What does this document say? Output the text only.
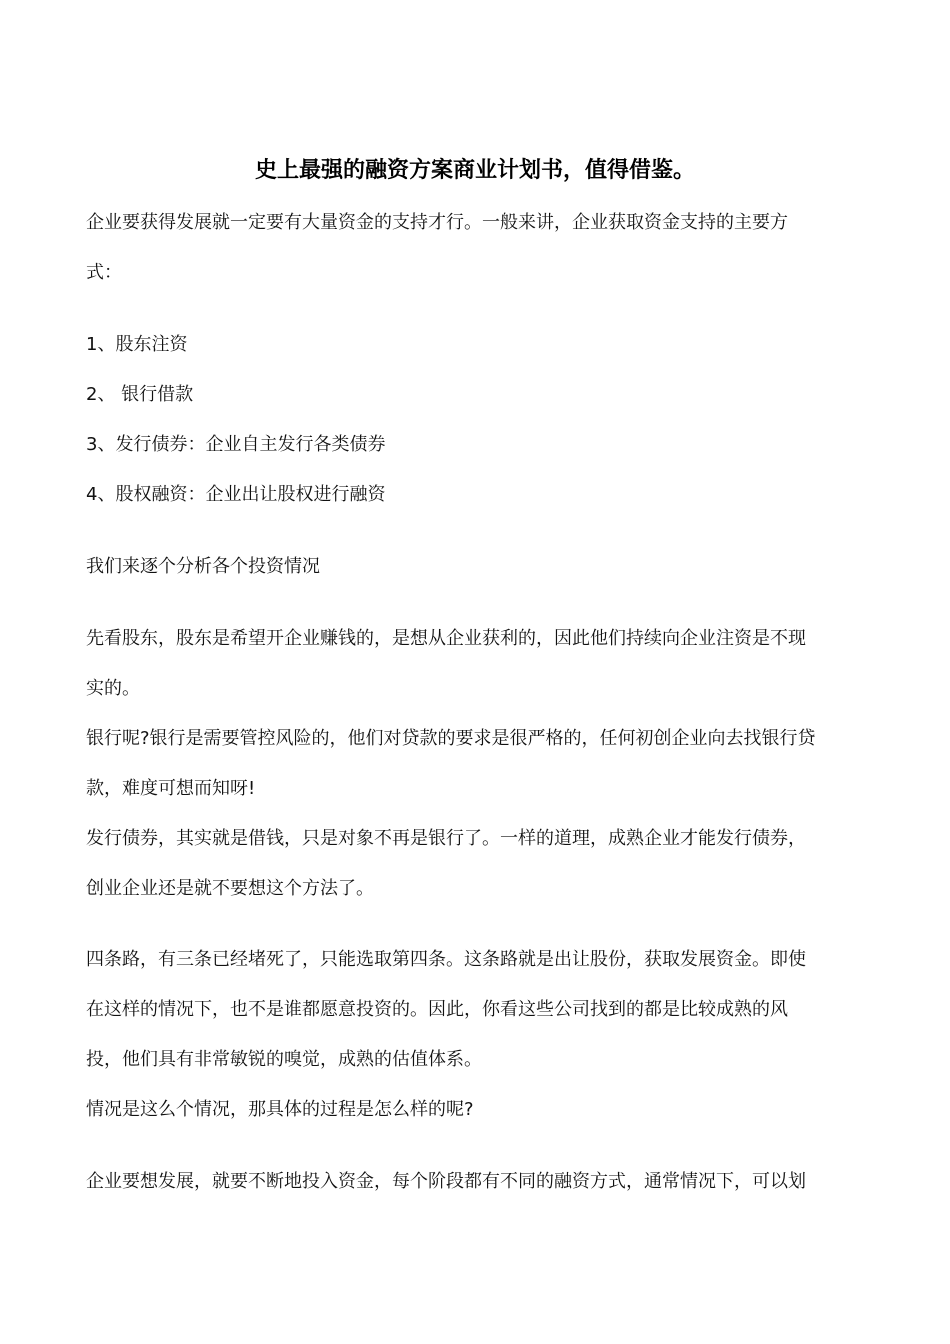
史上最强的融资方案商业计划书，值得借鉴。
企业要获得发展就一定要有大量资金的支持才行。一般来讲，企业获取资金支持的主要方
式：
1、股东注资
2、 银行借款
3、发行债券：企业自主发行各类债券
4、股权融资：企业出让股权进行融资
我们来逐个分析各个投资情况
先看股东，股东是希望开企业赚钱的，是想从企业获利的，因此他们持续向企业注资是不现
实的。
银行呢?银行是需要管控风险的，他们对贷款的要求是很严格的，任何初创企业向去找银行贷
款，难度可想而知呀!
发行债券，其实就是借钱，只是对象不再是银行了。一样的道理，成熟企业才能发行债券，
创业企业还是就不要想这个方法了。
四条路，有三条已经堵死了，只能选取第四条。这条路就是出让股份，获取发展资金。即使
在这样的情况下，也不是谁都愿意投资的。因此，你看这些公司找到的都是比较成熟的风
投，他们具有非常敏锐的嗅觉，成熟的估值体系。
情况是这么个情况，那具体的过程是怎么样的呢?
企业要想发展，就要不断地投入资金，每个阶段都有不同的融资方式，通常情况下，可以划
